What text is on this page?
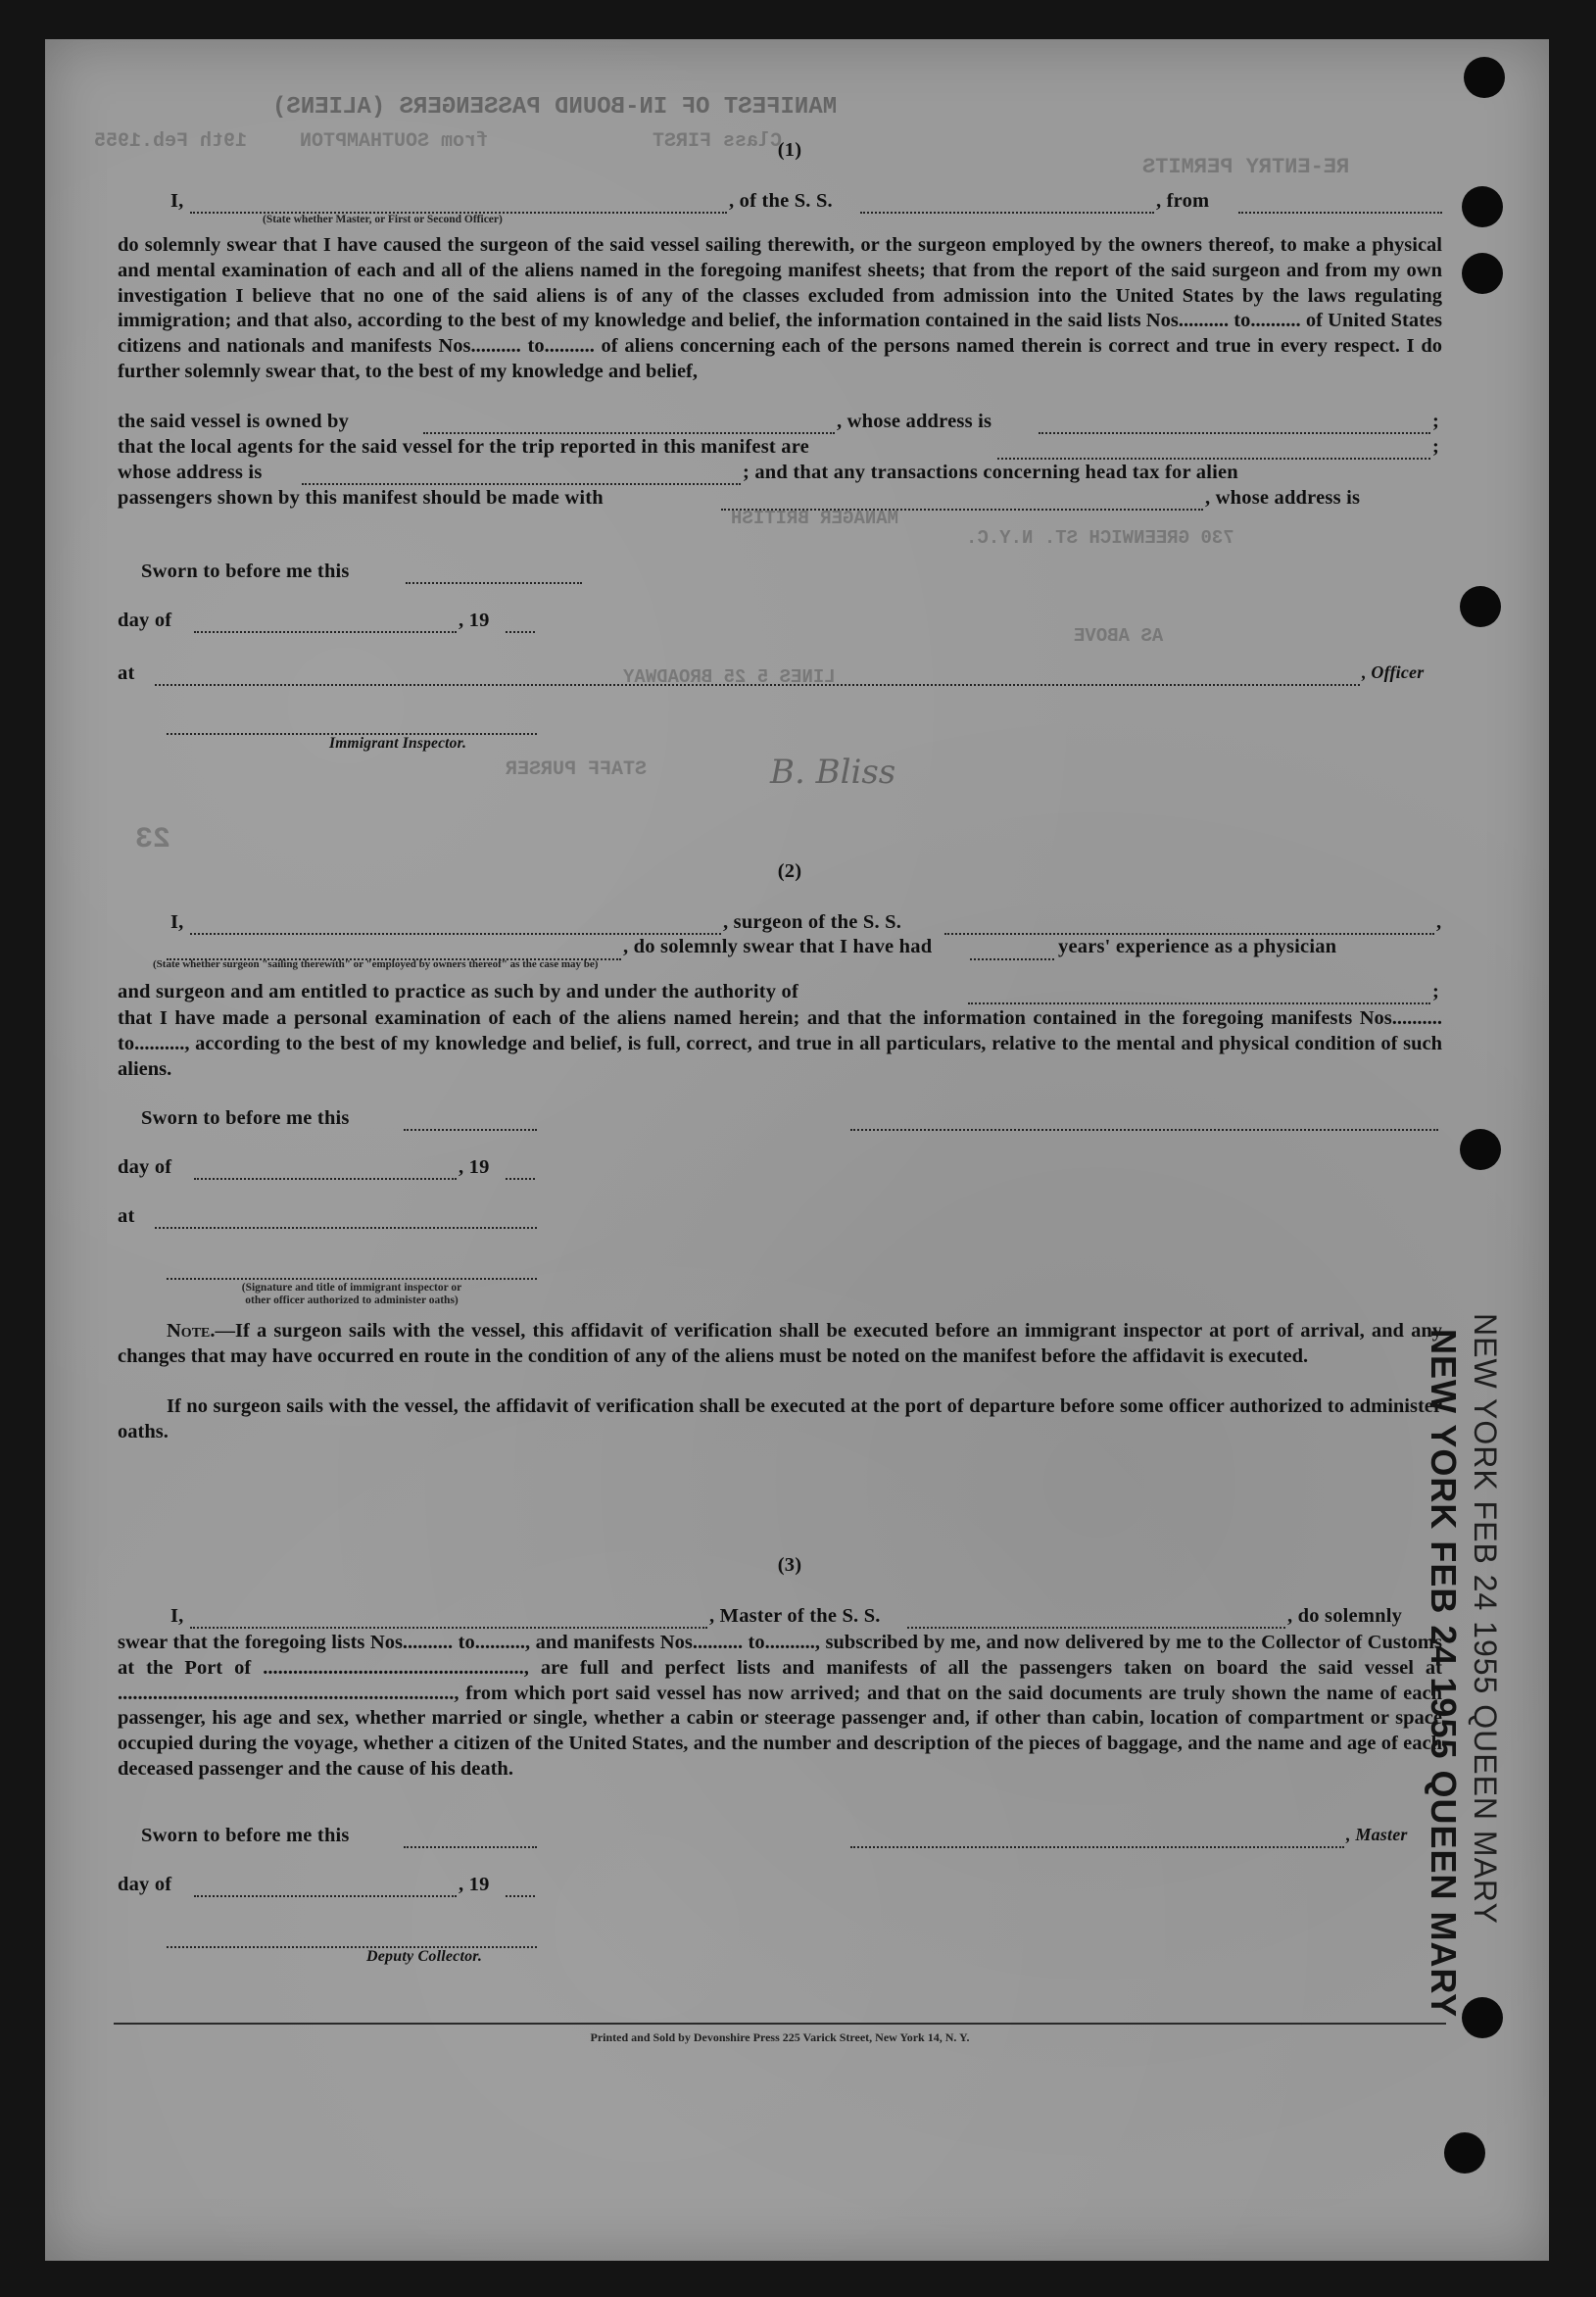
MANIFEST OF IN-BOUND PASSENGERS (ALIENS)
19th Feb.1955	from SOUTHAMPTON	Class FIRST
RE-ENTRY PERMITS
(1)
I,	, of the S. S.	, from
(State whether Master, or First or Second Officer)
do solemnly swear that I have caused the surgeon of the said vessel sailing therewith, or the surgeon employed by the owners thereof, to make a physical and mental examination of each and all of the aliens named in the foregoing manifest sheets; that from the report of the said surgeon and from my own investigation I believe that no one of the said aliens is of any of the classes excluded from admission into the United States by the laws regulating immigration; and that also, according to the best of my knowledge and belief, the information contained in the said lists Nos.......... to.......... of United States citizens and nationals and manifests Nos.......... to.......... of aliens concerning each of the persons named therein is correct and true in every respect. I do further solemnly swear that, to the best of my knowledge and belief,
the said vessel is owned by	, whose address is	;
that the local agents for the said vessel for the trip reported in this manifest are	;
whose address is	; and that any transactions concerning head tax for alien
passengers shown by this manifest should be made with	, whose address is
MANAGER BRITISH
730 GREENWICH ST. N.Y.C.
AS ABOVE
LINES 5 25 BROADWAY
Sworn to before me this
day of	, 19
at	, Officer
Immigrant Inspector.
B. Bliss
STAFF PURSER
23
(2)
I,	, surgeon of the S. S.	,
, do solemnly swear that I have had	years' experience as a physician
(State whether surgeon "sailing therewith" or "employed by owners thereof" as the case may be)
and surgeon and am entitled to practice as such by and under the authority of	;
that I have made a personal examination of each of the aliens named herein; and that the information contained in the foregoing manifests Nos.......... to.........., according to the best of my knowledge and belief, is full, correct, and true in all particulars, relative to the mental and physical condition of such aliens.
Sworn to before me this
day of	, 19
at
(Signature and title of immigrant inspector or
other officer authorized to administer oaths)
Note.—If a surgeon sails with the vessel, this affidavit of verification shall be executed before an immigrant inspector at port of arrival, and any changes that may have occurred en route in the condition of any of the aliens must be noted on the manifest before the affidavit is executed.
If no surgeon sails with the vessel, the affidavit of verification shall be executed at the port of departure before some officer authorized to administer oaths.
(3)
I,	, Master of the S. S.	, do solemnly
swear that the foregoing lists Nos.......... to.........., and manifests Nos.......... to.........., subscribed by me, and now delivered by me to the Collector of Customs at the Port of ...................................................., are full and perfect lists and manifests of all the passengers taken on board the said vessel at ..................................................................., from which port said vessel has now arrived; and that on the said documents are truly shown the name of each passenger, his age and sex, whether married or single, whether a cabin or steerage passenger and, if other than cabin, location of compartment or space occupied during the voyage, whether a citizen of the United States, and the number and description of the pieces of baggage, and the name and age of each deceased passenger and the cause of his death.
Sworn to before me this	, Master
day of	, 19
Deputy Collector.
Printed and Sold by Devonshire Press 225 Varick Street, New York 14, N. Y.
NEW YORK FEB 24 1955 QUEEN MARY
NEW YORK FEB 24 1955 QUEEN MARY
